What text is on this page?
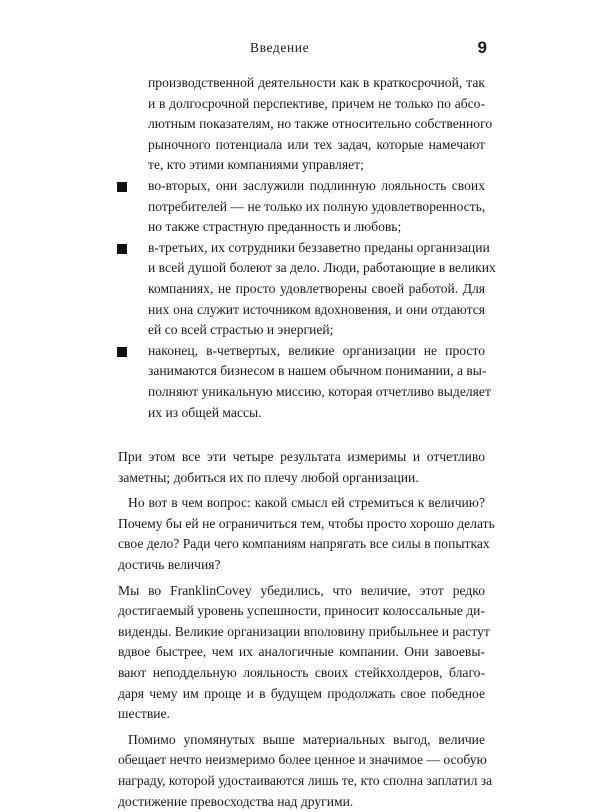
Введение	9
производственной деятельности как в краткосрочной, так
и в долгосрочной перспективе, причем не только по абсо-
лютным показателям, но также относительно собственного
рыночного потенциала или тех задач, которые намечают
те, кто этими компаниями управляет;
во-вторых, они заслужили подлинную лояльность своих
потребителей — не только их полную удовлетворенность,
но также страстную преданность и любовь;
в-третьих, их сотрудники беззаветно преданы организации
и всей душой болеют за дело. Люди, работающие в великих
компаниях, не просто удовлетворены своей работой. Для
них она служит источником вдохновения, и они отдаются
ей со всей страстью и энергией;
наконец, в-четвертых, великие организации не просто
занимаются бизнесом в нашем обычном понимании, а вы-
полняют уникальную миссию, которая отчетливо выделяет
их из общей массы.
При этом все эти четыре результата измеримы и отчетливо
заметны; добиться их по плечу любой организации.
Но вот в чем вопрос: какой смысл ей стремиться к величию?
Почему бы ей не ограничиться тем, чтобы просто хорошо делать
свое дело? Ради чего компаниям напрягать все силы в попытках
достичь величия?
Мы во FranklinCovey убедились, что величие, этот редко
достигаемый уровень успешности, приносит колоссальные ди-
виденды. Великие организации вполовину прибыльнее и растут
вдвое быстрее, чем их аналогичные компании. Они завоевы-
вают неподдельную лояльность своих стейкхолдеров, благо-
даря чему им проще и в будущем продолжать свое победное
шествие.
Помимо упомянутых выше материальных выгод, величие
обещает нечто неизмеримо более ценное и значимое — особую
награду, которой удостаиваются лишь те, кто сполна заплатил за
достижение превосходства над другими.
